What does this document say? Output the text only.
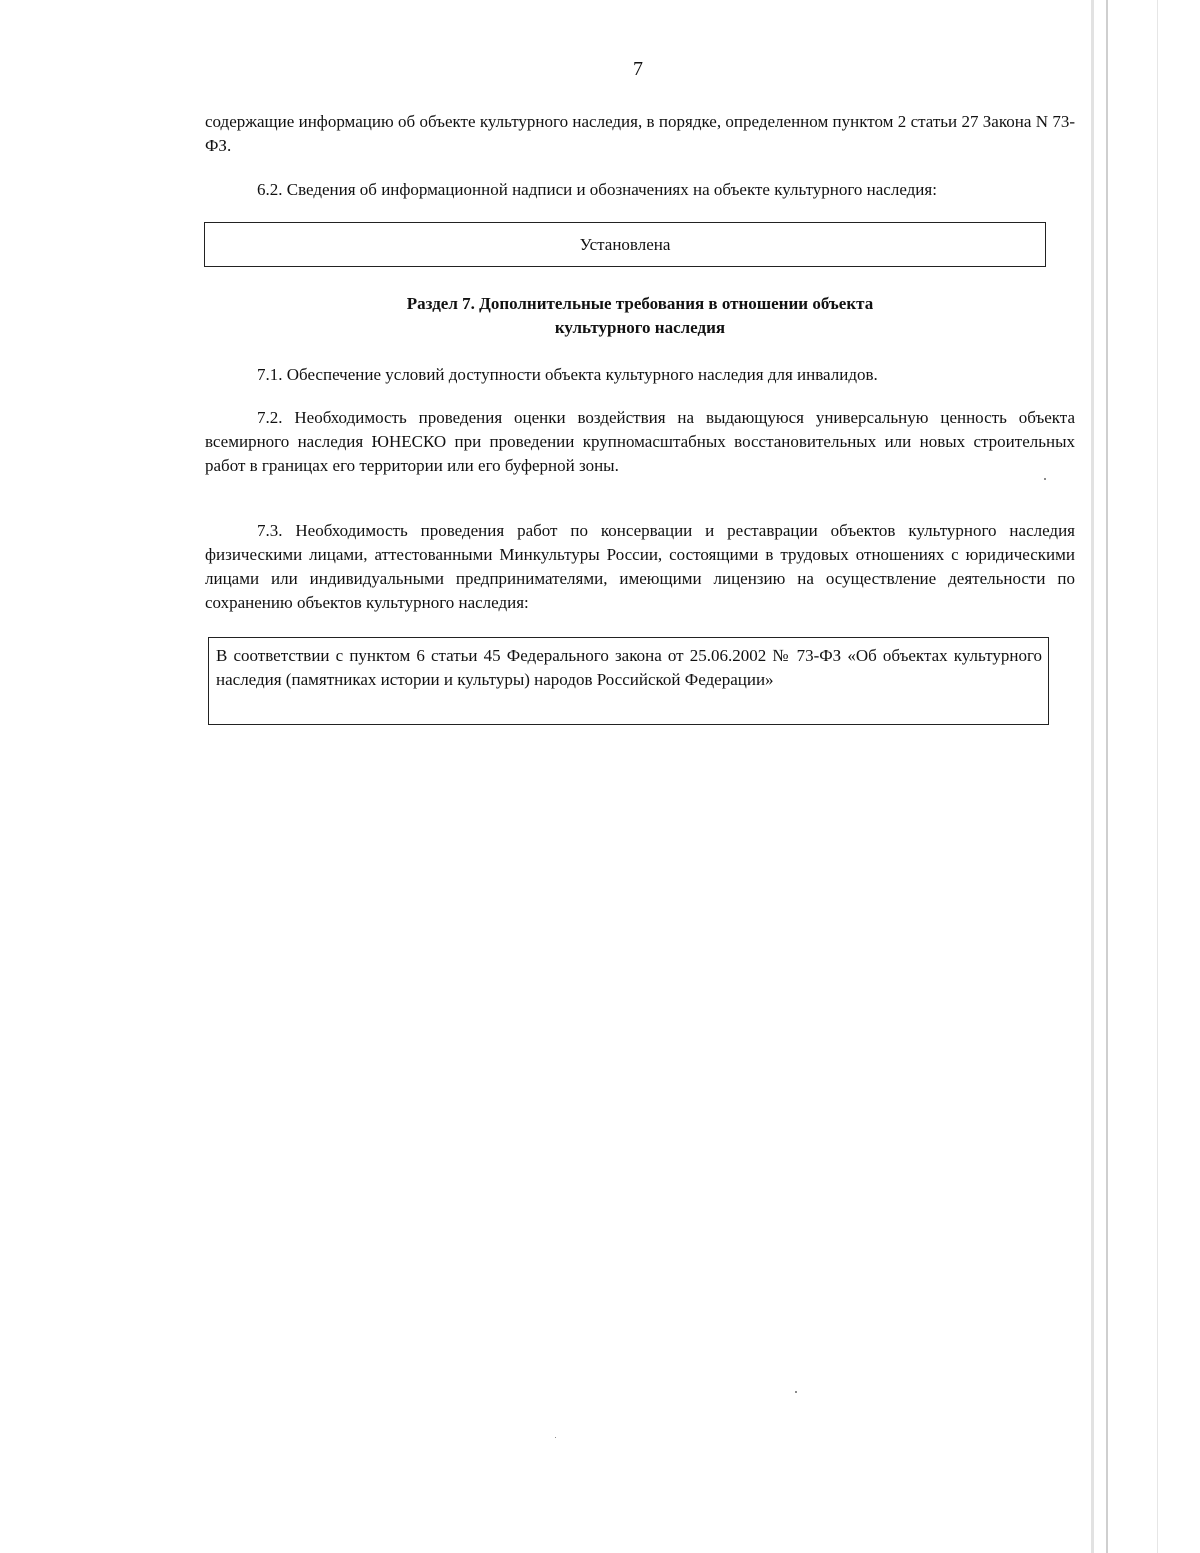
7

содержащие информацию об объекте культурного наследия, в порядке, определенном пунктом 2 статьи 27 Закона N 73-ФЗ.

6.2. Сведения об информационной надписи и обозначениях на объекте культурного наследия:

Установлена
Раздел 7. Дополнительные требования в отношении объекта
культурного наследия

7.1. Обеспечение условий доступности объекта культурного наследия для инвалидов.

7.2. Необходимость проведения оценки воздействия на выдающуюся универсальную ценность объекта всемирного наследия ЮНЕСКО при проведении крупномасштабных восстановительных или новых строительных работ в границах его территории или его буферной зоны.

7.3. Необходимость проведения работ по консервации и реставрации объектов культурного наследия физическими лицами, аттестованными Минкультуры России, состоящими в трудовых отношениях с юридическими лицами или индивидуальными предпринимателями, имеющими лицензию на осуществление деятельности по сохранению объектов культурного наследия:

В соответствии с пунктом 6 статьи 45 Федерального закона от 25.06.2002 № 73-ФЗ «Об объектах культурного наследия (памятниках истории и культуры) народов Российской Федерации»
